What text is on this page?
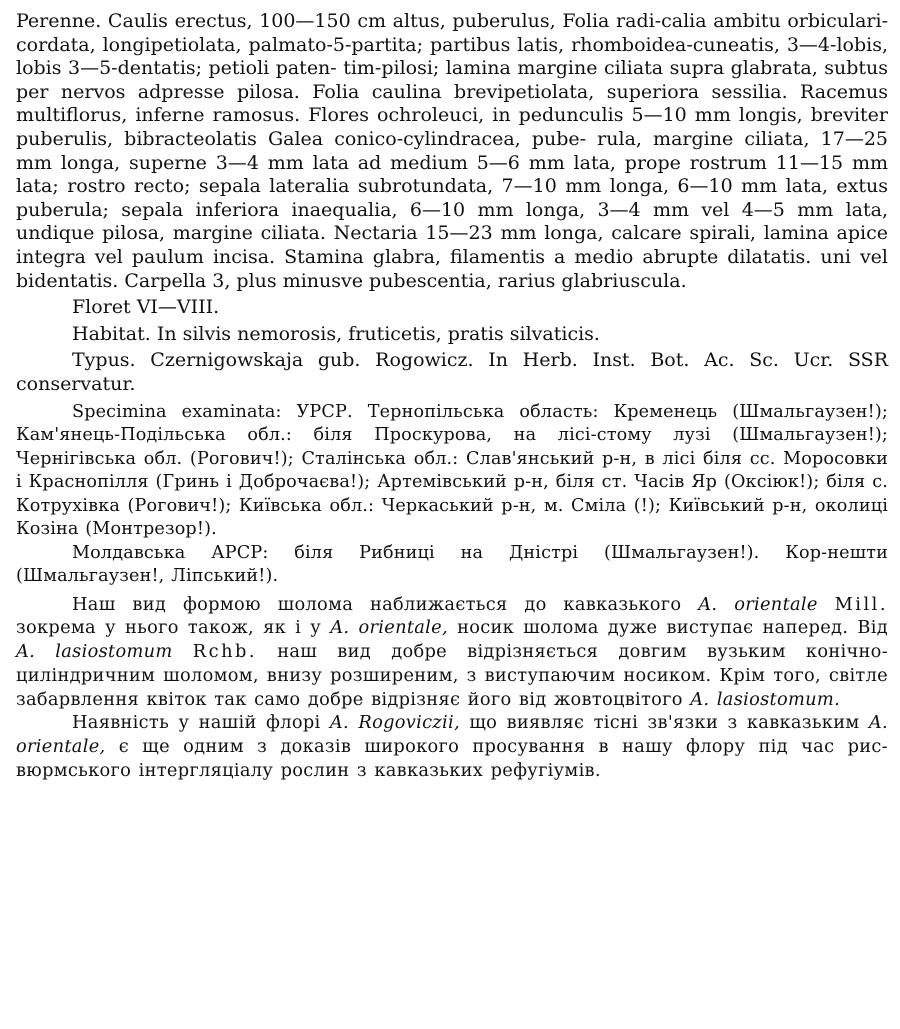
Perenne. Caulis erectus, 100—150 cm altus, puberulus, Folia radi-calia ambitu orbiculari-cordata, longipetiolata, palmato-5-partita; partibus latis, rhomboidea-cuneatis, 3—4-lobis, lobis 3—5-dentatis; petioli paten- tim-pilosi; lamina margine ciliata supra glabrata, subtus per nervos adpresse pilosa. Folia caulina brevipetiolata, superiora sessilia. Racemus multiflorus, inferne ramosus. Flores ochroleuci, in pedunculis 5—10 mm longis, breviter puberulis, bibracteolatis Galea conico-cylindracea, pube- rula, margine ciliata, 17—25 mm longa, superne 3—4 mm lata ad medium 5—6 mm lata, prope rostrum 11—15 mm lata; rostro recto; sepala lateralia subrotundata, 7—10 mm longa, 6—10 mm lata, extus puberula; sepala inferiora inaequalia, 6—10 mm longa, 3—4 mm vel 4—5 mm lata, undique pilosa, margine ciliata. Nectaria 15—23 mm longa, calcare spirali, lamina apice integra vel paulum incisa. Stamina glabra, filamentis a medio abrupte dilatatis. uni vel bidentatis. Carpella 3, plus minusve pubescentia, rarius glabriuscula.

Floret VI—VIII.

Habitat. In silvis nemorosis, fruticetis, pratis silvaticis.

Typus. Czernigowskaja gub. Rogowicz. In Herb. Inst. Bot. Ac. Sc. Ucr. SSR conservatur.

Specimina examinata: УРСР. Тернопільська область: Кременець (Шмальгаузен!); Кам'янець-Подільська обл.: біля Проскурова, на лісі-стому лузі (Шмальгаузен!); Чернігівська обл. (Рогович!); Сталінська обл.: Слав'янський р-н, в лісі біля сс. Моросовки і Краснопілля (Гринь і Доброчаєва!); Артемівський р-н, біля ст. Часів Яр (Оксіюк!); біля с. Котрухівка (Рогович!); Київська обл.: Черкаський р-н, м. Сміла (!); Київський р-н, околиці Козіна (Монтрезор!).

Молдавська АРСР: біля Рибниці на Дністрі (Шмальгаузен!). Кор-нешти (Шмальгаузен!, Ліпський!).

Наш вид формою шолома наближається до кавказького A. orientale Mill. зокрема у нього також, як і у A. orientale, носик шолома дуже виступає наперед. Від A. lasiostomum Rchb. наш вид добре відрізняється довгим вузьким конічно-циліндричним шоломом, внизу розширеним, з виступаючим носиком. Крім того, світле забарвлення квіток так само добре відрізняє його від жовтоцвітого A. lasiostomum.

Наявність у нашій флорі A. Rogoviczii, що виявляє тісні зв'язки з кавказьким A. orientale, є ще одним з доказів широкого просування в нашу флору під час рис-вюрмського інтергляціалу рослин з кавказьких рефугіумів.
